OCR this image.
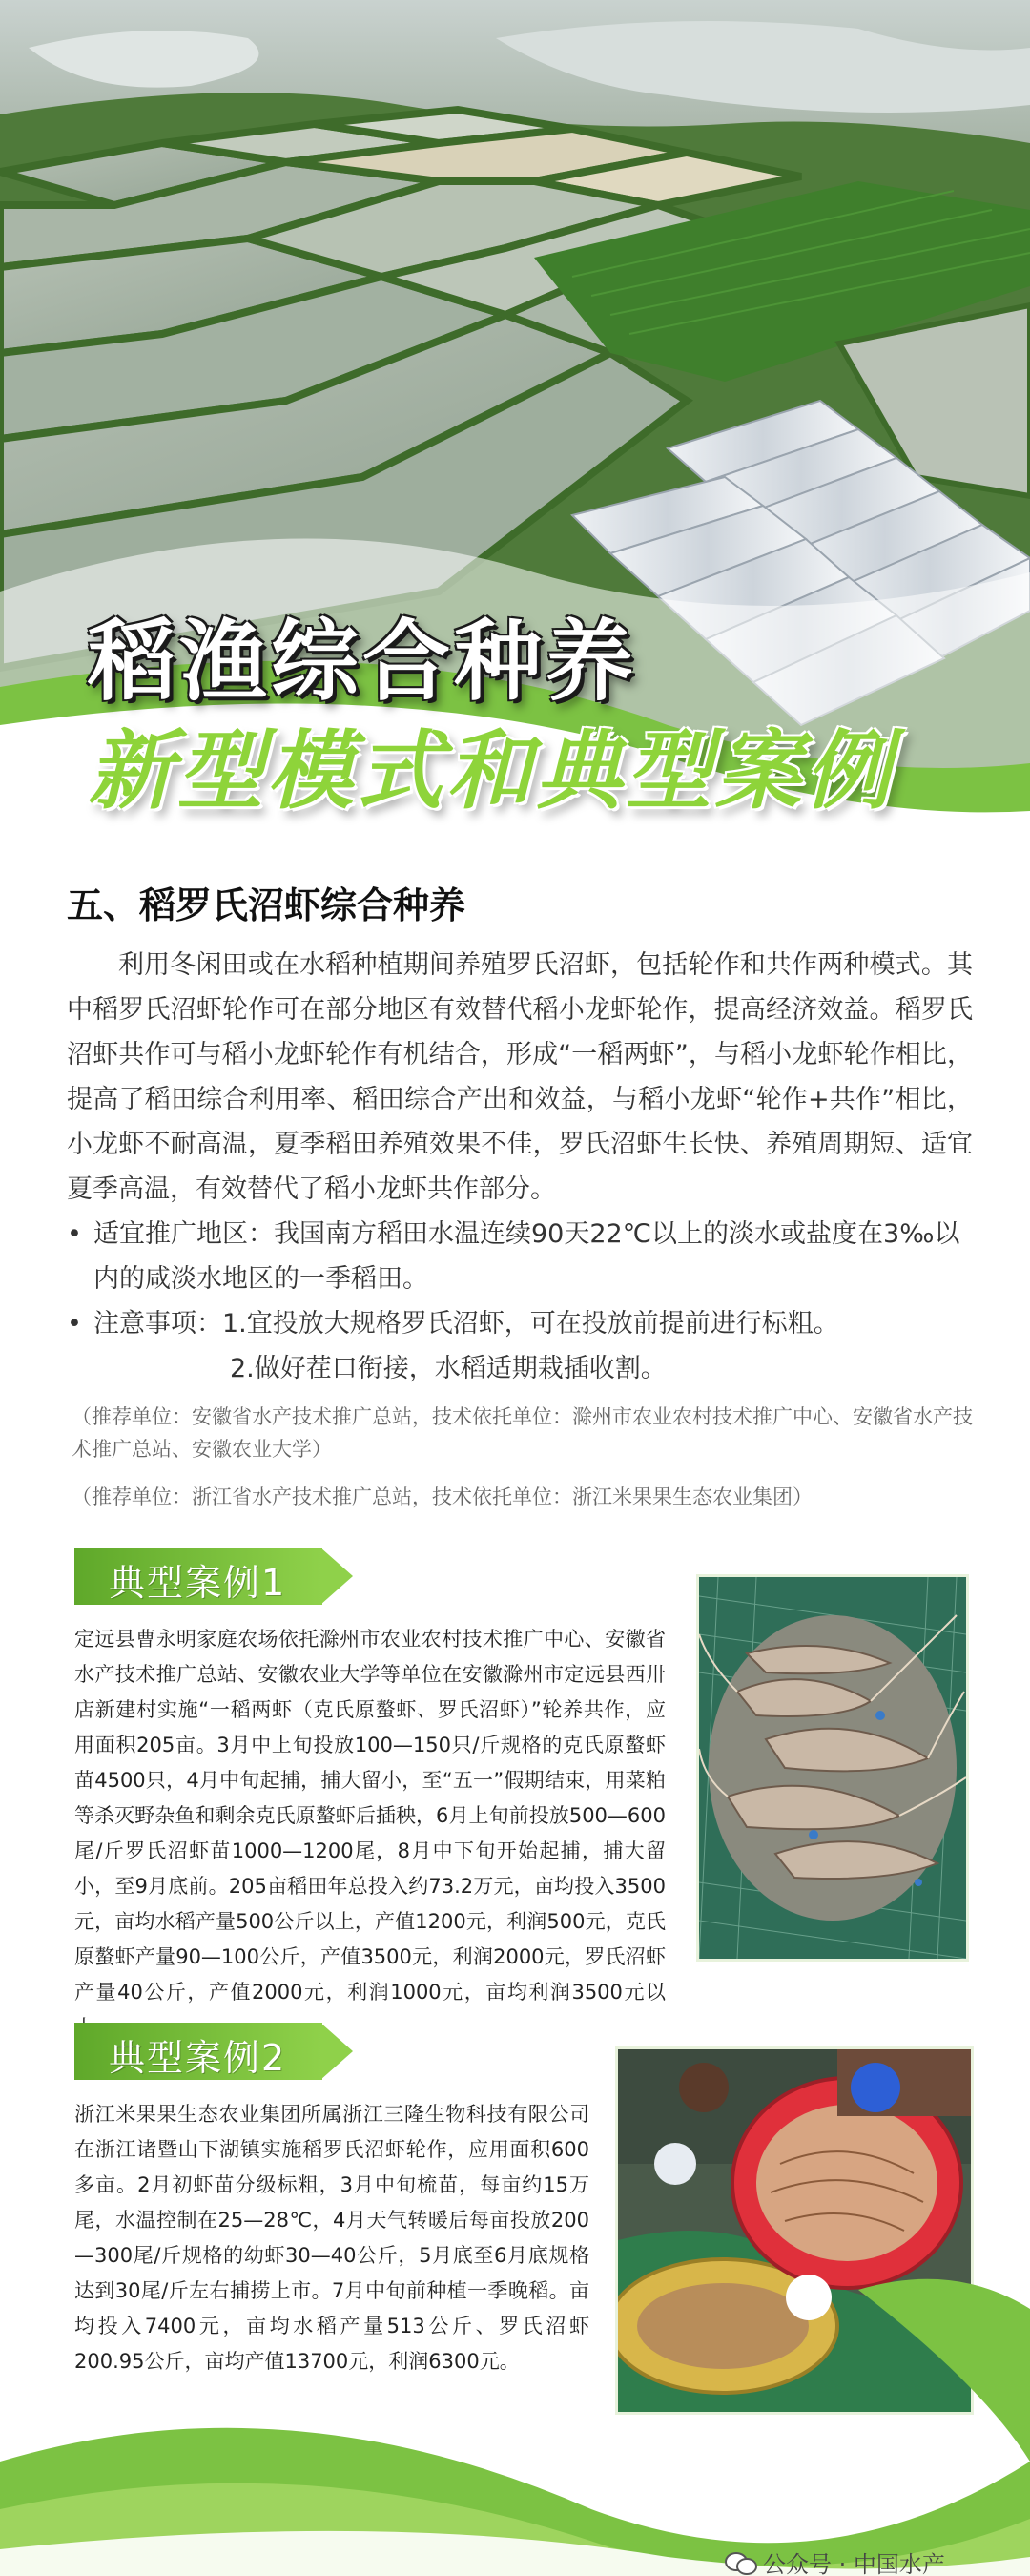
稻渔综合种养
新型模式和典型案例
五、稻罗氏沼虾综合种养

利用冬闲田或在水稻种植期间养殖罗氏沼虾，包括轮作和共作两种模式。其中稻罗氏沼虾轮作可在部分地区有效替代稻小龙虾轮作，提高经济效益。稻罗氏沼虾共作可与稻小龙虾轮作有机结合，形成“一稻两虾”，与稻小龙虾轮作相比，提高了稻田综合利用率、稻田综合产出和效益，与稻小龙虾“轮作+共作”相比，小龙虾不耐高温，夏季稻田养殖效果不佳，罗氏沼虾生长快、养殖周期短、适宜夏季高温，有效替代了稻小龙虾共作部分。

• 适宜推广地区：我国南方稻田水温连续90天22℃以上的淡水或盐度在3‰以内的咸淡水地区的一季稻田。
• 注意事项：1.宜投放大规格罗氏沼虾，可在投放前提前进行标粗。
2.做好茬口衔接，水稻适期栽插收割。
（推荐单位：安徽省水产技术推广总站，技术依托单位：滁州市农业农村技术推广中心、安徽省水产技术推广总站、安徽农业大学）
（推荐单位：浙江省水产技术推广总站，技术依托单位：浙江米果果生态农业集团）
典型案例1

定远县曹永明家庭农场依托滁州市农业农村技术推广中心、安徽省水产技术推广总站、安徽农业大学等单位在安徽滁州市定远县西卅店新建村实施“一稻两虾（克氏原螯虾、罗氏沼虾）”轮养共作，应用面积205亩。3月中上旬投放100—150只/斤规格的克氏原螯虾苗4500只，4月中旬起捕，捕大留小，至“五一”假期结束，用菜粕等杀灭野杂鱼和剩余克氏原螯虾后插秧，6月上旬前投放500—600尾/斤罗氏沼虾苗1000—1200尾，8月中下旬开始起捕，捕大留小，至9月底前。205亩稻田年总投入约73.2万元，亩均投入3500元，亩均水稻产量500公斤以上，产值1200元，利润500元，克氏原螯虾产量90—100公斤，产值3500元，利润2000元，罗氏沼虾产量40公斤，产值2000元，利润1000元，亩均利润3500元以

典型案例2

浙江米果果生态农业集团所属浙江三隆生物科技有限公司在浙江诸暨山下湖镇实施稻罗氏沼虾轮作，应用面积600多亩。2月初虾苗分级标粗，3月中旬梳苗，每亩约15万尾，水温控制在25—28℃，4月天气转暖后每亩投放200—300尾/斤规格的幼虾30—40公斤，5月底至6月底规格达到30尾/斤左右捕捞上市。7月中旬前种植一季晚稻。亩均投入7400元，亩均水稻产量513公斤、罗氏沼虾200.95公斤，亩均产值13700元，利润6300元。

公众号 · 中国水产
